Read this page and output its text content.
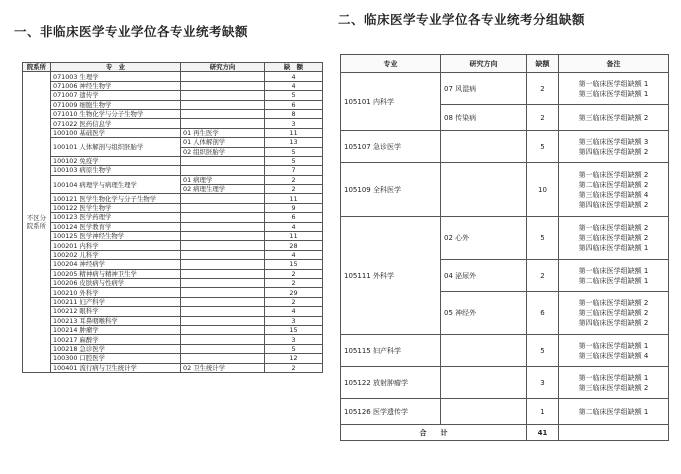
一、非临床医学专业学位各专业统考缺额
二、临床医学专业学位各专业统考分组缺额
院系所	专　业	研究方向	缺　额
不区分院系所	071003 生理学		4
	071006 神经生物学		4
	071007 遗传学		5
	071009 细胞生物学		6
	071010 生物化学与分子生物学		8
	071022 医药信息学		3
	100100 基础医学	01 再生医学	11
	100101 人体解剖与组织胚胎学	01 人体解剖学	13
		02 组织胚胎学	5
	100102 免疫学		5
	100103 病原生物学		7
	100104 病理学与病理生理学	01 病理学	2
		02 病理生理学	2
	100121 医学生物化学与分子生物学		11
	100122 医学生物学		9
	100123 医学药理学		6
	100124 医学教育学		4
	100125 医学神经生物学		11
	100201 内科学		28
	100202 儿科学		4
	100204 神经病学		15
	100205 精神病与精神卫生学		2
	100206 皮肤病与性病学		2
	100210 外科学		29
	100211 妇产科学		2
	100212 眼科学		4
	100213 耳鼻咽喉科学		3
	100214 肿瘤学		15
	100217 麻醉学		3
	100218 急诊医学		5
	100300 口腔医学		12
	100401 流行病与卫生统计学	02 卫生统计学	2
专业	研究方向	缺额	备注
105101 内科学	07 风湿病	2	第一临床医学组缺额 1
第三临床医学组缺额 1

	08 传染病	2	第三临床医学组缺额 2

105107 急诊医学		5	第三临床医学组缺额 3
第四临床医学组缺额 2

105109 全科医学		10	第一临床医学组缺额 2
第二临床医学组缺额 2
第三临床医学组缺额 4
第四临床医学组缺额 2

105111 外科学	02 心外	5	第一临床医学组缺额 2
第三临床医学组缺额 2
第四临床医学组缺额 1

	04 泌尿外	2	第一临床医学组缺额 1
第二临床医学组缺额 1

	05 神经外	6	第一临床医学组缺额 2
第三临床医学组缺额 2
第四临床医学组缺额 2

105115 妇产科学		5	第一临床医学组缺额 1
第三临床医学组缺额 4

105122 放射肿瘤学		3	第一临床医学组缺额 1
第三临床医学组缺额 2

105126 医学遗传学		1	第二临床医学组缺额 1

合　　计		41	
